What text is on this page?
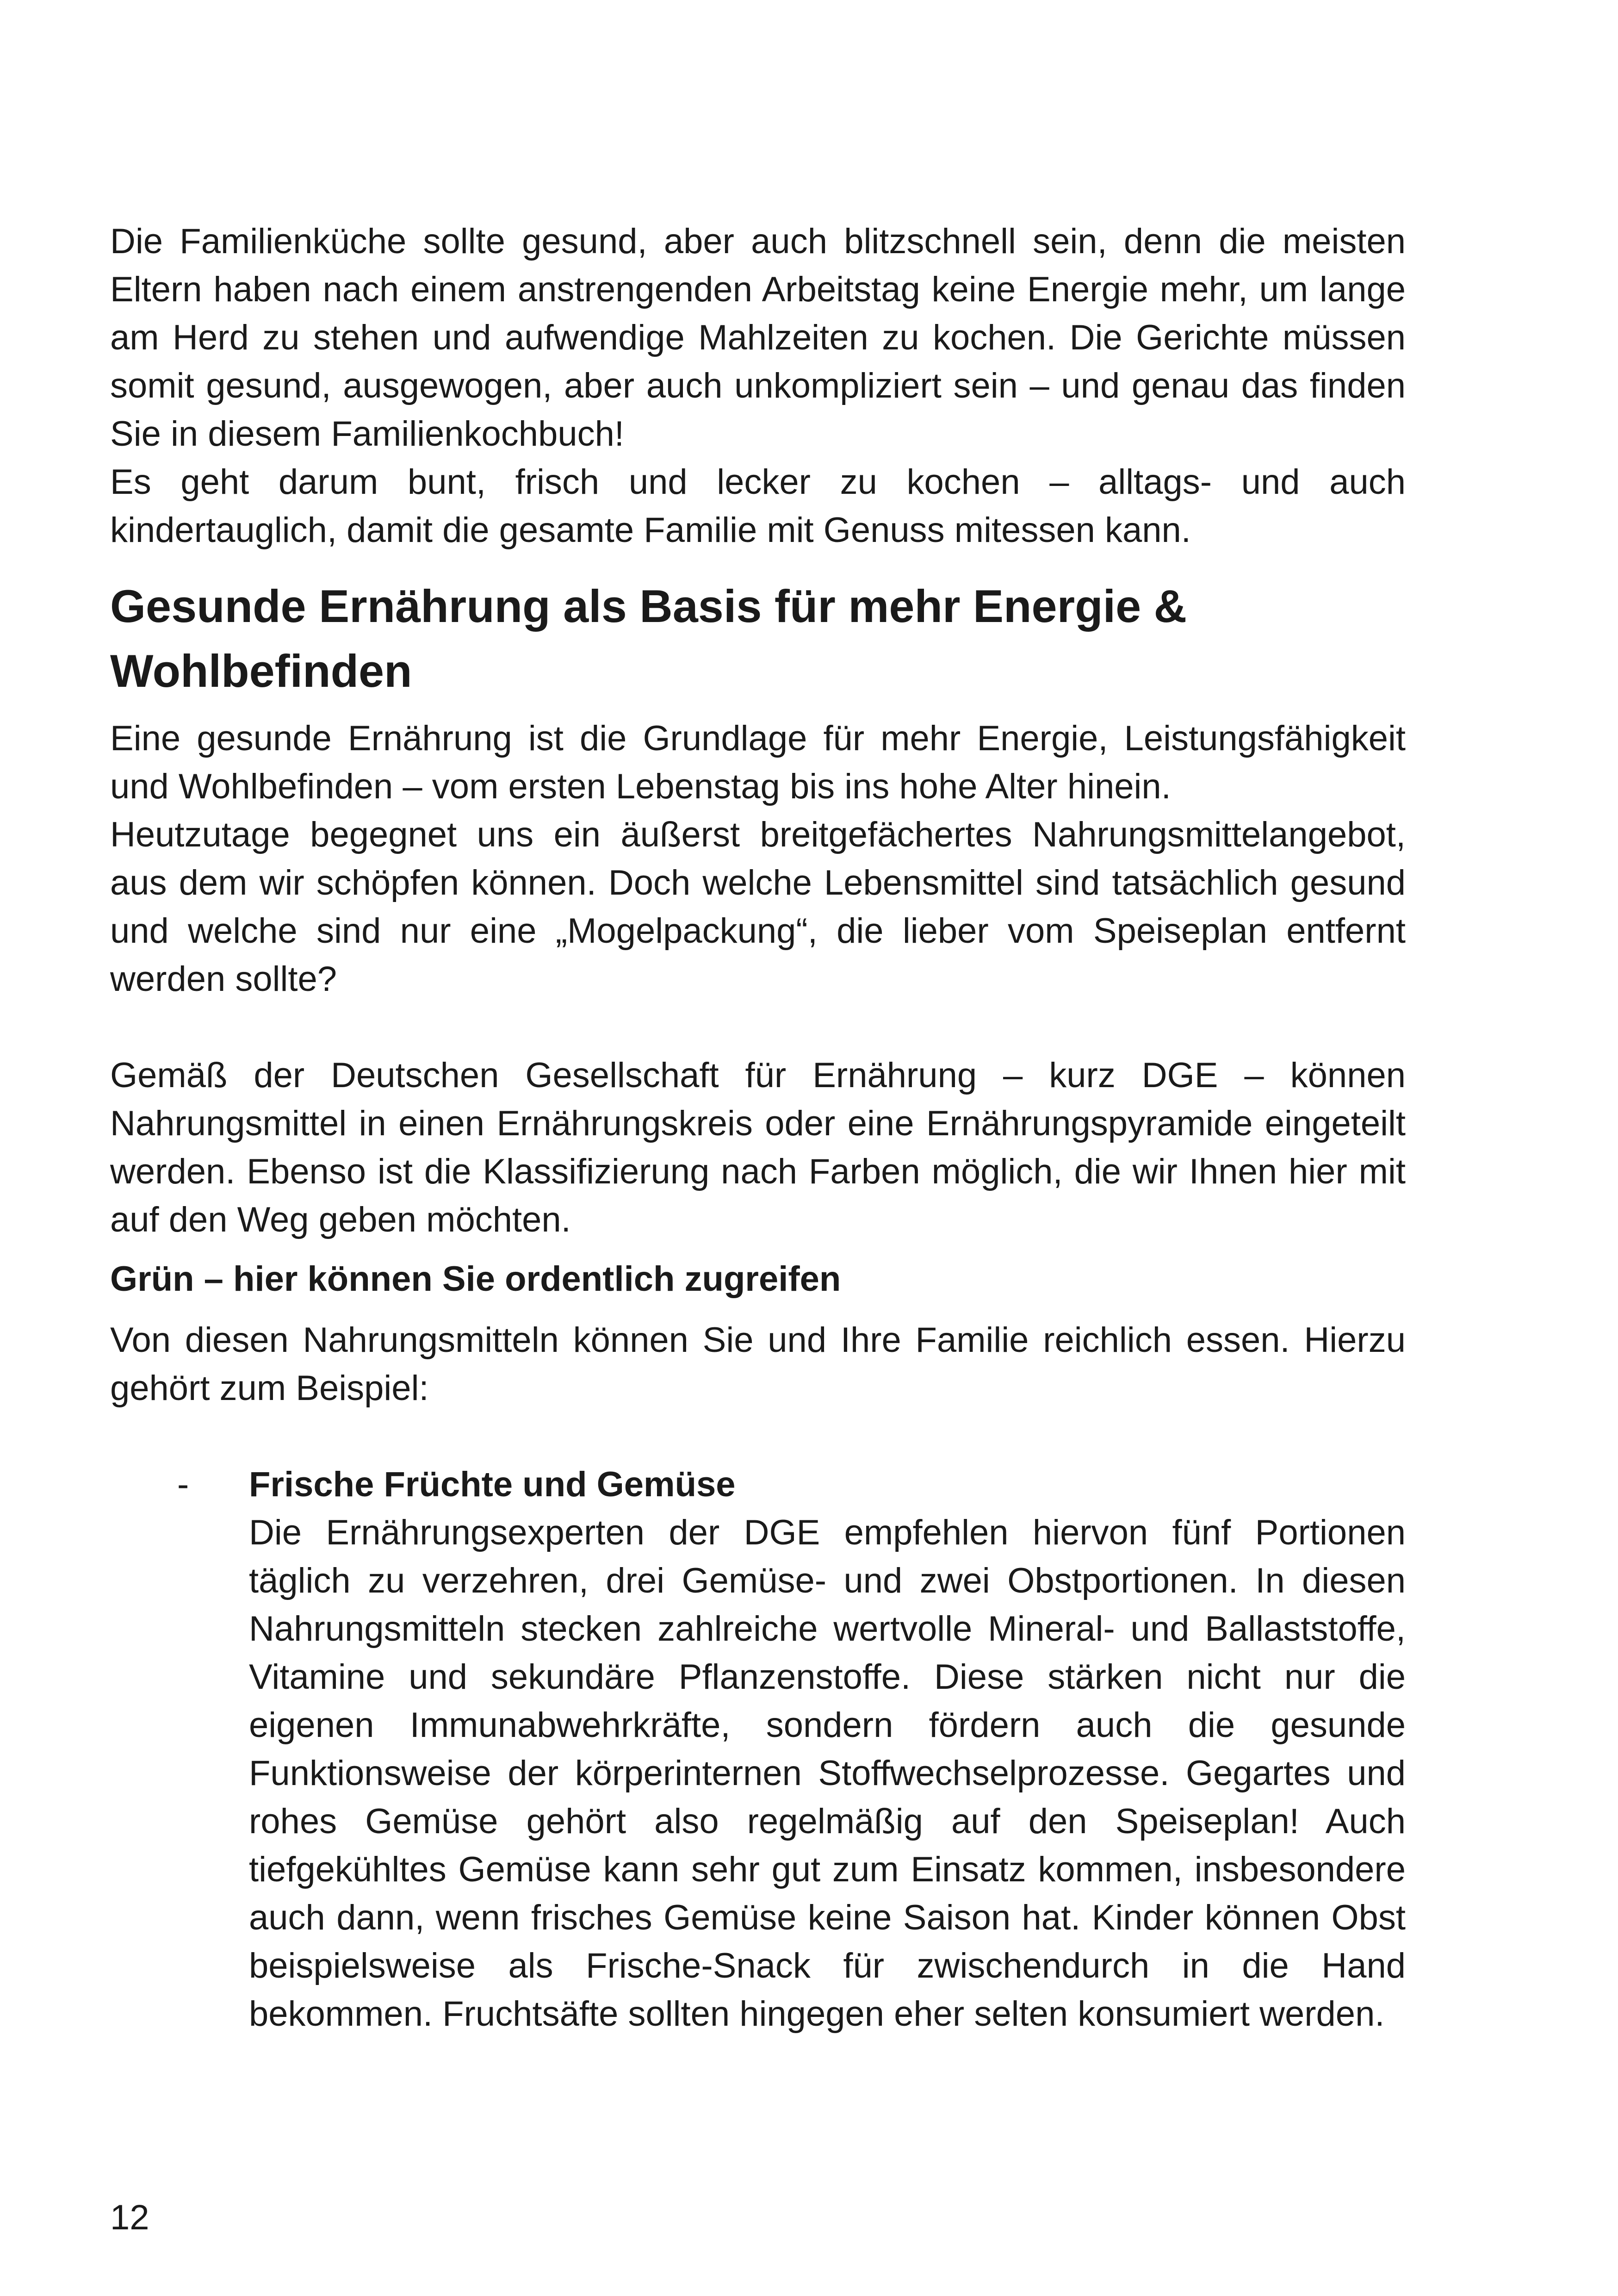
Die Familienküche sollte gesund, aber auch blitzschnell sein, denn die meisten Eltern haben nach einem anstrengenden Arbeitstag keine Energie mehr, um lange am Herd zu stehen und aufwendige Mahlzeiten zu kochen. Die Gerichte müssen somit gesund, ausgewogen, aber auch unkompliziert sein – und genau das finden Sie in diesem Familienkochbuch!

Es geht darum bunt, frisch und lecker zu kochen – alltags- und auch kindertauglich, damit die gesamte Familie mit Genuss mitessen kann.

Gesunde Ernährung als Basis für mehr Energie & Wohlbefinden

Eine gesunde Ernährung ist die Grundlage für mehr Energie, Leistungsfähigkeit und Wohlbefinden – vom ersten Lebenstag bis ins hohe Alter hinein.

Heutzutage begegnet uns ein äußerst breitgefächertes Nahrungsmittelangebot, aus dem wir schöpfen können. Doch welche Lebensmittel sind tatsächlich gesund und welche sind nur eine „Mogelpackung“, die lieber vom Speiseplan entfernt werden sollte?

Gemäß der Deutschen Gesellschaft für Ernährung – kurz DGE – können Nahrungsmittel in einen Ernährungskreis oder eine Ernährungspyramide eingeteilt werden. Ebenso ist die Klassifizierung nach Farben möglich, die wir Ihnen hier mit auf den Weg geben möchten.

Grün – hier können Sie ordentlich zugreifen

Von diesen Nahrungsmitteln können Sie und Ihre Familie reichlich essen. Hierzu gehört zum Beispiel:

- Frische Früchte und Gemüse

Die Ernährungsexperten der DGE empfehlen hiervon fünf Portionen täglich zu verzehren, drei Gemüse- und zwei Obstportionen. In diesen Nahrungsmitteln stecken zahlreiche wertvolle Mineral- und Ballaststoffe, Vitamine und sekundäre Pflanzenstoffe. Diese stärken nicht nur die eigenen Immunabwehrkräfte, sondern fördern auch die gesunde Funktionsweise der körperinternen Stoffwechselprozesse. Gegartes und rohes Gemüse gehört also regelmäßig auf den Speiseplan! Auch tiefgekühltes Gemüse kann sehr gut zum Einsatz kommen, insbesondere auch dann, wenn frisches Gemüse keine Saison hat. Kinder können Obst beispielsweise als Frische-Snack für zwischendurch in die Hand bekommen. Fruchtsäfte sollten hingegen eher selten konsumiert werden.

12
